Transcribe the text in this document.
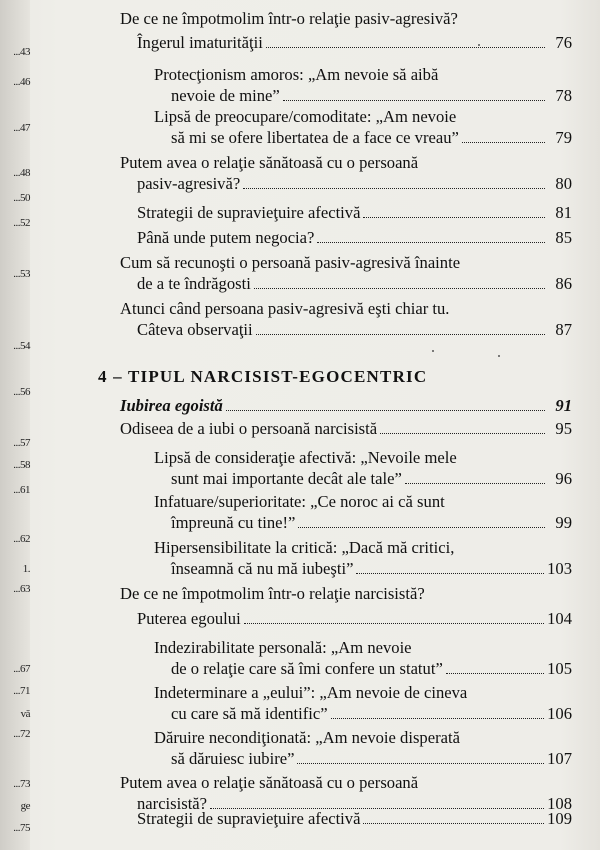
...43
...46
...47
...48
...50
...52
...53
...54
...56
...57
...58
...61
...62
1.
...63
...67
...71
vă
...72
...73
ge
...75
4 – TIPUL NARCISIST-EGOCENTRIC
De ce ne împotmolim într-o relaţie pasiv-agresivă?
Îngerul imaturităţii	76
Protecţionism amoros: „Am nevoie să aibă
nevoie de mine”	78
Lipsă de preocupare/comoditate: „Am nevoie
să mi se ofere libertatea de a face ce vreau”	79
Putem avea o relaţie sănătoasă cu o persoană
pasiv-agresivă?	80
Strategii de supravieţuire afectivă	81
Până unde putem negocia?	85
Cum să recunoşti o persoană pasiv-agresivă înainte
de a te îndrăgosti	86
Atunci când persoana pasiv-agresivă eşti chiar tu.
Câteva observaţii	87
Iubirea egoistă	91
Odiseea de a iubi o persoană narcisistă	95
Lipsă de consideraţie afectivă: „Nevoile mele
sunt mai importante decât ale tale”	96
Infatuare/superioritate: „Ce noroc ai că sunt
împreună cu tine!”	99
Hipersensibilitate la critică: „Dacă mă critici,
înseamnă că nu mă iubeşti”	103
De ce ne împotmolim într-o relaţie narcisistă?
Puterea egoului	104
Indezirabilitate personală: „Am nevoie
de o relaţie care să îmi confere un statut”	105
Indeterminare a „eului”: „Am nevoie de cineva
cu care să mă identific”	106
Dăruire necondiţionată: „Am nevoie disperată
să dăruiesc iubire”	107
Putem avea o relaţie sănătoasă cu o persoană
narcisistă?	108
Strategii de supravieţuire afectivă	109
